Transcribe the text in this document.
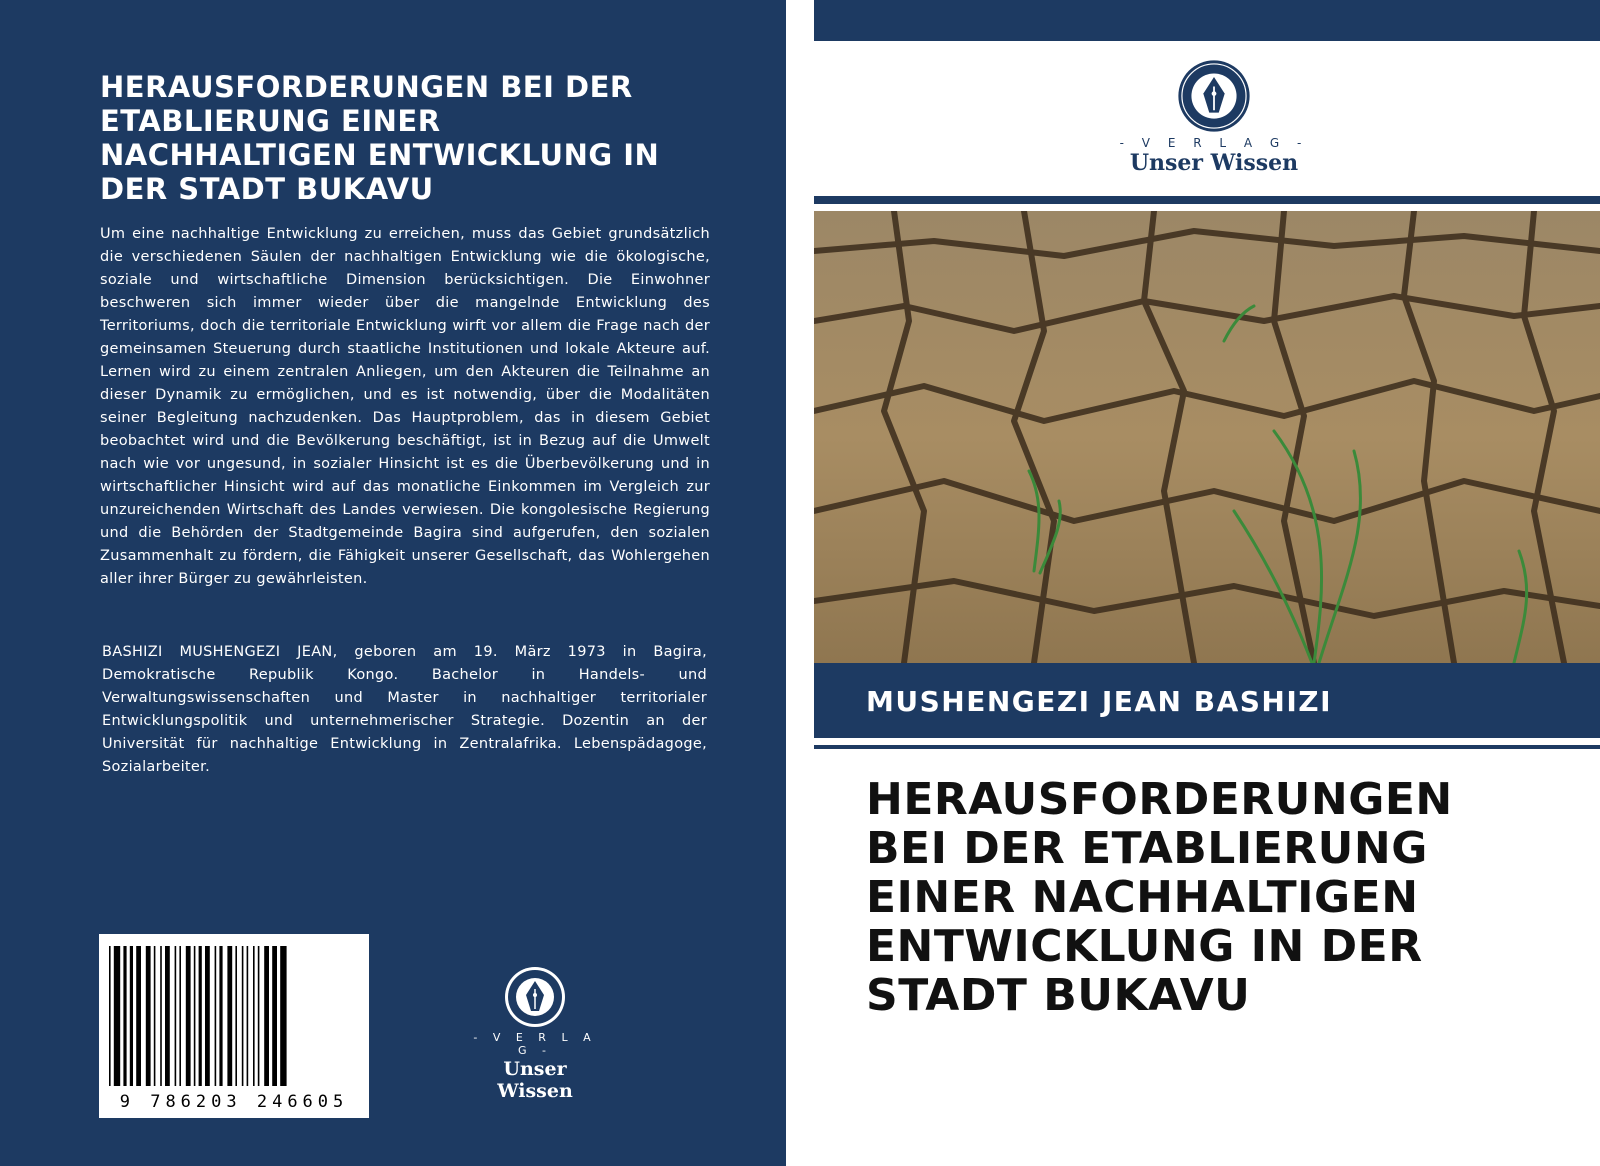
HERAUSFORDERUNGEN BEI DER
ETABLIERUNG EINER
NACHHALTIGEN ENTWICKLUNG IN
DER STADT BUKAVU

Um eine nachhaltige Entwicklung zu erreichen, muss das Gebiet grundsätzlich die verschiedenen Säulen der nachhaltigen Entwicklung wie die ökologische, soziale und wirtschaftliche Dimension berücksichtigen. Die Einwohner beschweren sich immer wieder über die mangelnde Entwicklung des Territoriums, doch die territoriale Entwicklung wirft vor allem die Frage nach der gemeinsamen Steuerung durch staatliche Institutionen und lokale Akteure auf. Lernen wird zu einem zentralen Anliegen, um den Akteuren die Teilnahme an dieser Dynamik zu ermöglichen, und es ist notwendig, über die Modalitäten seiner Begleitung nachzudenken. Das Hauptproblem, das in diesem Gebiet beobachtet wird und die Bevölkerung beschäftigt, ist in Bezug auf die Umwelt nach wie vor ungesund, in sozialer Hinsicht ist es die Überbevölkerung und in wirtschaftlicher Hinsicht wird auf das monatliche Einkommen im Vergleich zur unzureichenden Wirtschaft des Landes verwiesen. Die kongolesische Regierung und die Behörden der Stadtgemeinde Bagira sind aufgerufen, den sozialen Zusammenhalt zu fördern, die Fähigkeit unserer Gesellschaft, das Wohlergehen aller ihrer Bürger zu gewährleisten.

BASHIZI MUSHENGEZI JEAN, geboren am 19. März 1973 in Bagira, Demokratische Republik Kongo. Bachelor in Handels- und Verwaltungswissenschaften und Master in nachhaltiger territorialer Entwicklungspolitik und unternehmerischer Strategie. Dozentin an der Universität für nachhaltige Entwicklung in Zentralafrika. Lebenspädagoge, Sozialarbeiter.

9 786203 246605
- V E R L A G -
Unser Wissen
- V E R L A G -
Unser Wissen
MUSHENGEZI JEAN BASHIZI
HERAUSFORDERUNGEN
BEI DER ETABLIERUNG
EINER NACHHALTIGEN
ENTWICKLUNG IN DER
STADT BUKAVU
